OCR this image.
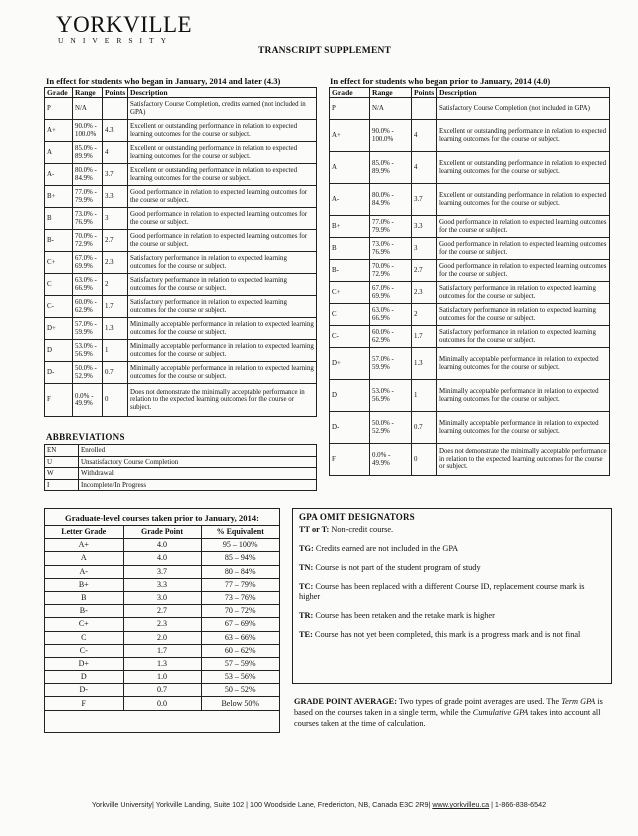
YORKVILLE
UNIVERSITY
TRANSCRIPT SUPPLEMENT
In effect for students who began in January, 2014 and later (4.3)
Grade	Range	Points	Description
P	N/A		Satisfactory Course Completion, credits earned (not included in GPA)
A+	90.0% - 100.0%	4.3	Excellent or outstanding performance in relation to expected learning outcomes for the course or subject.
A	85.0% - 89.9%	4	Excellent or outstanding performance in relation to expected learning outcomes for the course or subject.
A-	80.0% - 84.9%	3.7	Excellent or outstanding performance in relation to expected learning outcomes for the course or subject.
B+	77.0% - 79.9%	3.3	Good performance in relation to expected learning outcomes for the course or subject.
B	73.0% - 76.9%	3	Good performance in relation to expected learning outcomes for the course or subject.
B-	70.0% - 72.9%	2.7	Good performance in relation to expected learning outcomes for the course or subject.
C+	67.0% - 69.9%	2.3	Satisfactory performance in relation to expected learning outcomes for the course or subject.
C	63.0% - 66.9%	2	Satisfactory performance in relation to expected learning outcomes for the course or subject.
C-	60.0% - 62.9%	1.7	Satisfactory performance in relation to expected learning outcomes for the course or subject.
D+	57.0% - 59.9%	1.3	Minimally acceptable performance in relation to expected learning outcomes for the course or subject.
D	53.0% - 56.9%	1	Minimally acceptable performance in relation to expected learning outcomes for the course or subject.
D-	50.0% - 52.9%	0.7	Minimally acceptable performance in relation to expected learning outcomes for the course or subject.
F	0.0% - 49.9%	0	Does not demonstrate the minimally acceptable performance in relation to the expected learning outcomes for the course or subject.
In effect for students who began prior to January, 2014 (4.0)
Grade	Range	Points	Description
P	N/A		Satisfactory Course Completion (not included in GPA)
A+	90.0% - 100.0%	4	Excellent or outstanding performance in relation to expected learning outcomes for the course or subject.
A	85.0% - 89.9%	4	Excellent or outstanding performance in relation to expected learning outcomes for the course or subject.
A-	80.0% - 84.9%	3.7	Excellent or outstanding performance in relation to expected learning outcomes for the course or subject.
B+	77.0% - 79.9%	3.3	Good performance in relation to expected learning outcomes for the course or subject.
B	73.0% - 76.9%	3	Good performance in relation to expected learning outcomes for the course or subject.
B-	70.0% - 72.9%	2.7	Good performance in relation to expected learning outcomes for the course or subject.
C+	67.0% - 69.9%	2.3	Satisfactory performance in relation to expected learning outcomes for the course or subject.
C	63.0% - 66.9%	2	Satisfactory performance in relation to expected learning outcomes for the course or subject.
C-	60.0% - 62.9%	1.7	Satisfactory performance in relation to expected learning outcomes for the course or subject.
D+	57.0% - 59.9%	1.3	Minimally acceptable performance in relation to expected learning outcomes for the course or subject.
D	53.0% - 56.9%	1	Minimally acceptable performance in relation to expected learning outcomes for the course or subject.
D-	50.0% - 52.9%	0.7	Minimally acceptable performance in relation to expected learning outcomes for the course or subject.
F	0.0% - 49.9%	0	Does not demonstrate the minimally acceptable performance in relation to the expected learning outcomes for the course or subject.
ABBREVIATIONS
EN	Enrolled
U	Unsatisfactory Course Completion
W	Withdrawal
I	Incomplete/In Progress
Graduate-level courses taken prior to January, 2014:
Letter Grade	Grade Point	% Equivalent
A+	4.0	95 – 100%
A	4.0	85 – 94%
A-	3.7	80 – 84%
B+	3.3	77 – 79%
B	3.0	73 – 76%
B-	2.7	70 – 72%
C+	2.3	67 – 69%
C	2.0	63 – 66%
C-	1.7	60 – 62%
D+	1.3	57 – 59%
D	1.0	53 – 56%
D-	0.7	50 – 52%
F	0.0	Below 50%
GPA OMIT DESIGNATORS
TT or T: Non-credit course.
TG: Credits earned are not included in the GPA
TN: Course is not part of the student program of study
TC: Course has been replaced with a different Course ID, replacement course mark is higher
TR: Course has been retaken and the retake mark is higher
TE: Course has not yet been completed, this mark is a progress mark and is not final
GRADE POINT AVERAGE: Two types of grade point averages are used. The Term GPA is based on the courses taken in a single term, while the Cumulative GPA takes into account all courses taken at the time of calculation.
Yorkville University| Yorkville Landing, Suite 102 | 100 Woodside Lane, Fredericton, NB, Canada E3C 2R9| www.yorkvilleu.ca | 1-866-838-6542
